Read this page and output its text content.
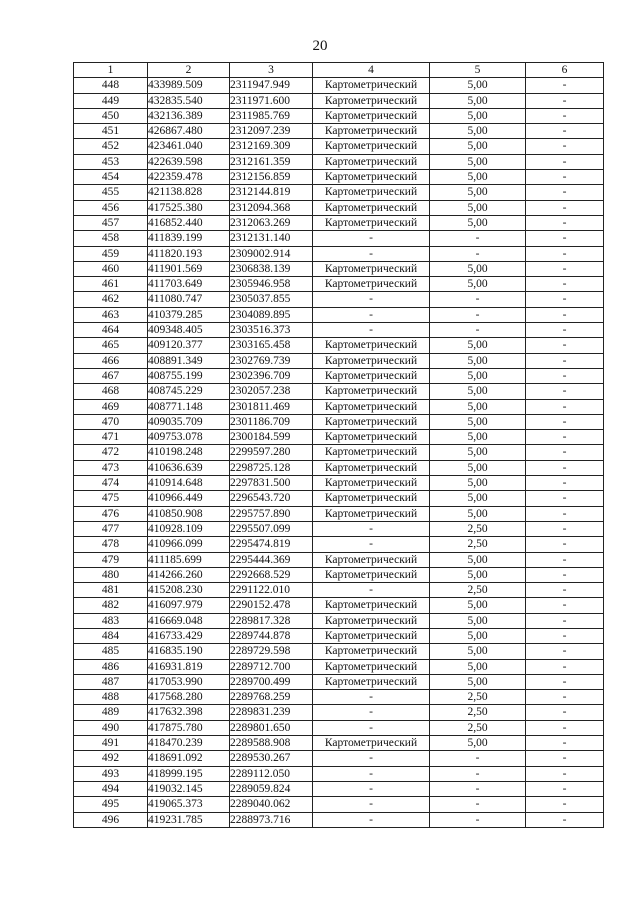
20
1	2	3	4	5	6
448	433989.509	2311947.949	Картометрический	5,00	-
449	432835.540	2311971.600	Картометрический	5,00	-
450	432136.389	2311985.769	Картометрический	5,00	-
451	426867.480	2312097.239	Картометрический	5,00	-
452	423461.040	2312169.309	Картометрический	5,00	-
453	422639.598	2312161.359	Картометрический	5,00	-
454	422359.478	2312156.859	Картометрический	5,00	-
455	421138.828	2312144.819	Картометрический	5,00	-
456	417525.380	2312094.368	Картометрический	5,00	-
457	416852.440	2312063.269	Картометрический	5,00	-
458	411839.199	2312131.140	-	-	-
459	411820.193	2309002.914	-	-	-
460	411901.569	2306838.139	Картометрический	5,00	-
461	411703.649	2305946.958	Картометрический	5,00	-
462	411080.747	2305037.855	-	-	-
463	410379.285	2304089.895	-	-	-
464	409348.405	2303516.373	-	-	-
465	409120.377	2303165.458	Картометрический	5,00	-
466	408891.349	2302769.739	Картометрический	5,00	-
467	408755.199	2302396.709	Картометрический	5,00	-
468	408745.229	2302057.238	Картометрический	5,00	-
469	408771.148	2301811.469	Картометрический	5,00	-
470	409035.709	2301186.709	Картометрический	5,00	-
471	409753.078	2300184.599	Картометрический	5,00	-
472	410198.248	2299597.280	Картометрический	5,00	-
473	410636.639	2298725.128	Картометрический	5,00	-
474	410914.648	2297831.500	Картометрический	5,00	-
475	410966.449	2296543.720	Картометрический	5,00	-
476	410850.908	2295757.890	Картометрический	5,00	-
477	410928.109	2295507.099	-	2,50	-
478	410966.099	2295474.819	-	2,50	-
479	411185.699	2295444.369	Картометрический	5,00	-
480	414266.260	2292668.529	Картометрический	5,00	-
481	415208.230	2291122.010	-	2,50	-
482	416097.979	2290152.478	Картометрический	5,00	-
483	416669.048	2289817.328	Картометрический	5,00	-
484	416733.429	2289744.878	Картометрический	5,00	-
485	416835.190	2289729.598	Картометрический	5,00	-
486	416931.819	2289712.700	Картометрический	5,00	-
487	417053.990	2289700.499	Картометрический	5,00	-
488	417568.280	2289768.259	-	2,50	-
489	417632.398	2289831.239	-	2,50	-
490	417875.780	2289801.650	-	2,50	-
491	418470.239	2289588.908	Картометрический	5,00	-
492	418691.092	2289530.267	-	-	-
493	418999.195	2289112.050	-	-	-
494	419032.145	2289059.824	-	-	-
495	419065.373	2289040.062	-	-	-
496	419231.785	2288973.716	-	-	-
